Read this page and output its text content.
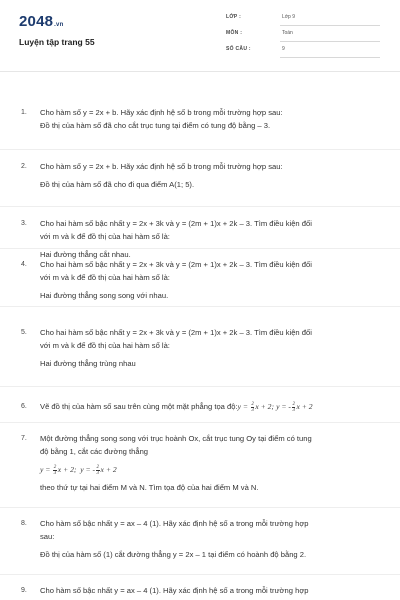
2048.vn
Luyện tập trang 55
LỚP :	Lớp 9
MÔN :	Toán
SỐ CÂU :	9
1. Cho hàm số y = 2x + b. Hãy xác định hệ số b trong mỗi trường hợp sau:
Đồ thị của hàm số đã cho cắt trục tung tại điểm có tung độ bằng – 3.
2. Cho hàm số y = 2x + b. Hãy xác định hệ số b trong mỗi trường hợp sau:
Đồ thị của hàm số đã cho đi qua điểm A(1; 5).
3. Cho hai hàm số bậc nhất y = 2x + 3k và y = (2m + 1)x + 2k – 3. Tìm điều kiện đối
với m và k để đồ thị của hai hàm số là:
Hai đường thẳng cắt nhau.
4. Cho hai hàm số bậc nhất y = 2x + 3k và y = (2m + 1)x + 2k – 3. Tìm điều kiện đối
với m và k để đồ thị của hai hàm số là:
Hai đường thẳng song song với nhau.
5. Cho hai hàm số bậc nhất y = 2x + 3k và y = (2m + 1)x + 2k – 3. Tìm điều kiện đối
với m và k để đồ thị của hai hàm số là:
Hai đường thẳng trùng nhau
6. Vẽ đồ thị của hàm số sau trên cùng một mặt phẳng tọa độ:y = $\frac{2}{3}$ x + 2; y = - $\frac{2}{3}$ x + 2
7. Một đường thẳng song song với trục hoành Ox, cắt trục tung Oy tại điểm có tung
độ bằng 1, cắt các đường thẳng
$y = \frac{2}{3}$ x + 2; y = - $\frac{2}{3}$ x + 2
theo thứ tự tại hai điểm M và N. Tìm tọa độ của hai điểm M và N.
8. Cho hàm số bậc nhất y = ax – 4 (1). Hãy xác định hệ số a trong mỗi trường hợp
sau:
Đồ thị của hàm số (1) cắt đường thẳng y = 2x – 1 tại điểm có hoành độ bằng 2.
9. Cho hàm số bậc nhất y = ax – 4 (1). Hãy xác định hệ số a trong mỗi trường hợp
